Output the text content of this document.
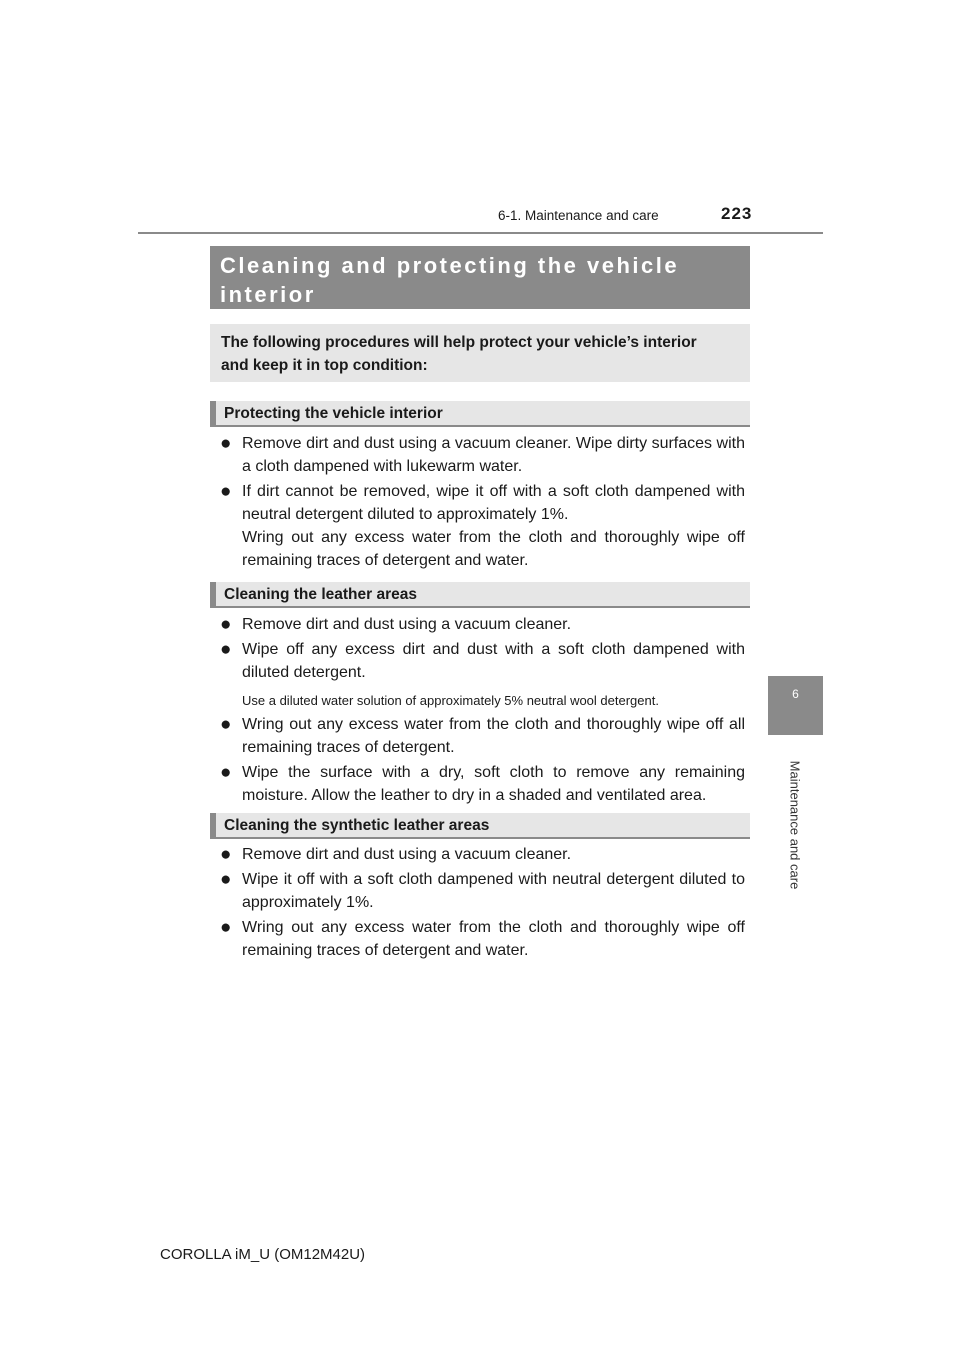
6-1. Maintenance and care	223
6
Maintenance and care
Cleaning and protecting the vehicle
interior
The following procedures will help protect your vehicle’s interior
and keep it in top condition:
Protecting the vehicle interior
● Remove dirt and dust using a vacuum cleaner. Wipe dirty surfaces with a cloth dampened with lukewarm water.
● If dirt cannot be removed, wipe it off with a soft cloth dampened with neutral detergent diluted to approximately 1%.
Wring out any excess water from the cloth and thoroughly wipe off remaining traces of detergent and water.
Cleaning the leather areas
● Remove dirt and dust using a vacuum cleaner.
● Wipe off any excess dirt and dust with a soft cloth dampened with diluted detergent.
Use a diluted water solution of approximately 5% neutral wool detergent.
● Wring out any excess water from the cloth and thoroughly wipe off all remaining traces of detergent.
● Wipe the surface with a dry, soft cloth to remove any remaining moisture. Allow the leather to dry in a shaded and ventilated area.
Cleaning the synthetic leather areas
● Remove dirt and dust using a vacuum cleaner.
● Wipe it off with a soft cloth dampened with neutral detergent diluted to approximately 1%.
● Wring out any excess water from the cloth and thoroughly wipe off remaining traces of detergent and water.
COROLLA iM_U (OM12M42U)
